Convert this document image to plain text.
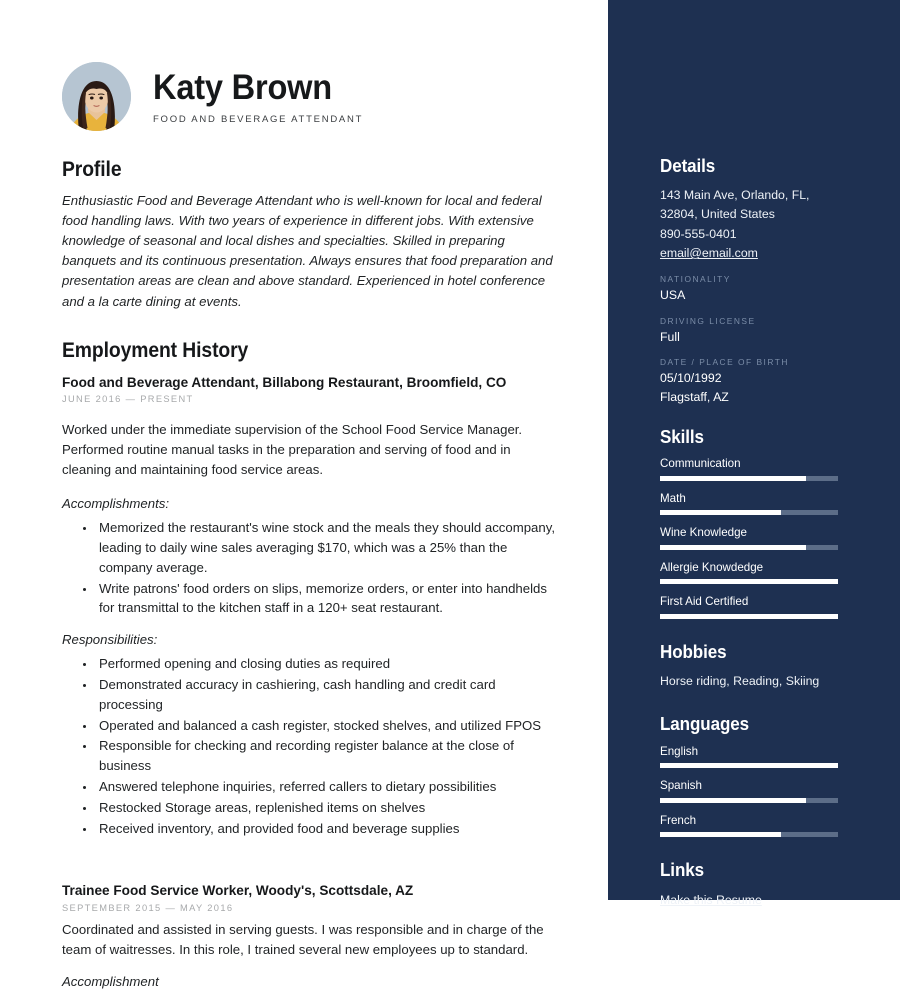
Katy Brown
FOOD AND BEVERAGE ATTENDANT
Profile

Enthusiastic Food and Beverage Attendant who is well-known for local and federal food handling laws. With two years of experience in different jobs. With extensive knowledge of seasonal and local dishes and specialties. Skilled in preparing banquets and its continuous presentation. Always ensures that food preparation and presentation areas are clean and above standard. Experienced in hotel conference and a la carte dining at events.

Employment History
Food and Beverage Attendant, Billabong Restaurant, Broomfield, CO
JUNE 2016 — PRESENT

Worked under the immediate supervision of the School Food Service Manager. Performed routine manual tasks in the preparation and serving of food and in cleaning and maintaining food service areas.

Accomplishments:

• Memorized the restaurant's wine stock and the meals they should accompany, leading to daily wine sales averaging $170, which was a 25% than the company average.
• Write patrons' food orders on slips, memorize orders, or enter into handhelds for transmittal to the kitchen staff in a 120+ seat restaurant.

Responsibilities:

• Performed opening and closing duties as required
• Demonstrated accuracy in cashiering, cash handling and credit card processing
• Operated and balanced a cash register, stocked shelves, and utilized FPOS
• Responsible for checking and recording register balance at the close of business
• Answered telephone inquiries, referred callers to dietary possibilities
• Restocked Storage areas, replenished items on shelves
• Received inventory, and provided food and beverage supplies
Trainee Food Service Worker, Woody's, Scottsdale, AZ
SEPTEMBER 2015 — MAY 2016

Coordinated and assisted in serving guests. I was responsible and in charge of the team of waitresses. In this role, I trained several new employees up to standard.

Accomplishment

Details

143 Main Ave, Orlando, FL,

32804, United States

890-555-0401

email@email.com
NATIONALITY
USA
DRIVING LICENSE
Full
DATE / PLACE OF BIRTH
05/10/1992
Flagstaff, AZ
Skills

Communication

Math

Wine Knowledge

Allergie Knowdedge

First Aid Certified

Hobbies

Horse riding, Reading, Skiing

Languages

English

Spanish

French

Links
Make this Resume
